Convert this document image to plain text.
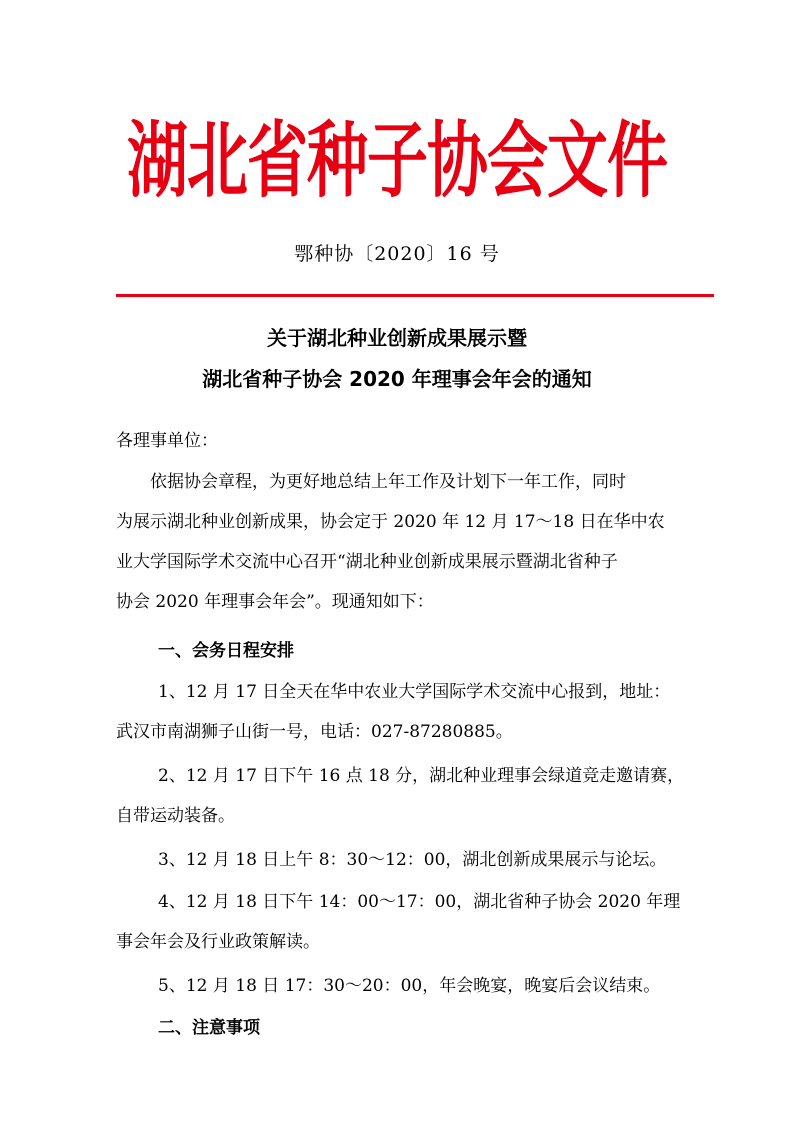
湖北省种子协会文件
鄂种协〔2020〕16 号
关于湖北种业创新成果展示暨
湖北省种子协会 2020 年理事会年会的通知
各理事单位：
依据协会章程，为更好地总结上年工作及计划下一年工作，同时
为展示湖北种业创新成果，协会定于 2020 年 12 月 17～18 日在华中农
业大学国际学术交流中心召开“湖北种业创新成果展示暨湖北省种子
协会 2020 年理事会年会”。现通知如下：
一、会务日程安排
1、12 月 17 日全天在华中农业大学国际学术交流中心报到，地址：
武汉市南湖狮子山街一号，电话：027-87280885。
2、12 月 17 日下午 16 点 18 分，湖北种业理事会绿道竞走邀请赛，
自带运动装备。
3、12 月 18 日上午 8：30～12：00，湖北创新成果展示与论坛。
4、12 月 18 日下午 14：00～17：00，湖北省种子协会 2020 年理
事会年会及行业政策解读。
5、12 月 18 日 17：30～20：00，年会晚宴，晚宴后会议结束。
二、注意事项
